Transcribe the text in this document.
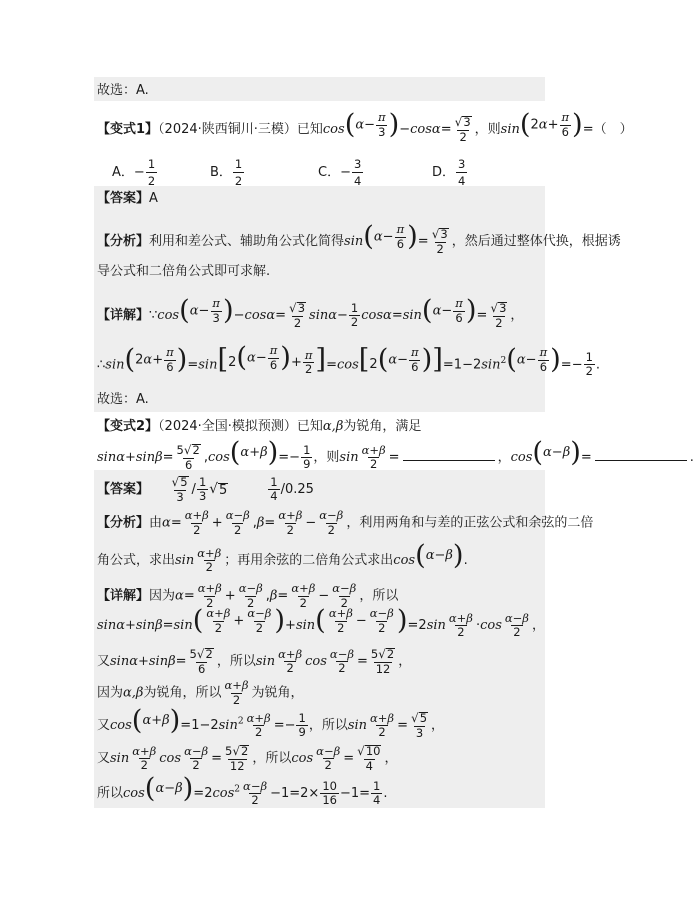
故选：A.
【变式1】（2024·陕西铜川·三模）已知cos ( $\alpha- \frac{\pi}{3}$ ) $-\cos\alpha= \frac{√ 3}{2}$ ，则sin ( $2\alpha+ \frac{\pi}{6}$ ) =（　）
A．− $\frac{1}{2}$	B． $\frac{1}{2}$	C．− $\frac{3}{4}$	D． $\frac{3}{4}$
【答案】A
【分析】利用和差公式、辅助角公式化简得sin ( $\alpha- \frac{\pi}{6}$ ) = $\frac{√ 3}{2}$ ，然后通过整体代换，根据诱
导公式和二倍角公式即可求解.
【详解】∵cos ( $\alpha- \frac{\pi}{3}$ ) $-\cos\alpha= \frac{√ 3}{2} \sin\alpha- \frac{1}{2} \cos\alpha=\sin$ ( $\alpha- \frac{\pi}{6}$ ) = $\frac{√ 3}{2}$ ，
∴sin ( $2\alpha+ \frac{\pi}{6}$ ) =sin [ 2 ( $\alpha- \frac{\pi}{6}$ ) + $\frac{\pi}{2}$ ] =cos [ 2 ( $\alpha- \frac{\pi}{6}$ ) ] $=1-2\sin^2$ ( $\alpha- \frac{\pi}{6}$ ) =− $\frac{1}{2}$ .
故选：A.
【变式2】（2024·全国·模拟预测）已知α,β为锐角，满足
$\sin\alpha+\sin\beta= \frac{5 √ 2}{6} ,\cos$ ( α+β ) =− $\frac{1}{9}$ ，则$\sin \frac{\alpha+\beta}{2}$ =	，cos ( α−β ) =	.
【答案】　　 $\frac{√ 5}{3} / \frac{1}{3}$ √ 5
　　　	$\frac{1}{4} /0.25$
【分析】由$\alpha= \frac{\alpha+\beta}{2} + \frac{\alpha-\beta}{2} ,\beta= \frac{\alpha+\beta}{2} - \frac{\alpha-\beta}{2}$ ，利用两角和与差的正弦公式和余弦的二倍
角公式，求出$\sin \frac{\alpha+\beta}{2}$ ；再用余弦的二倍角公式求出cos ( α−β ) .
【详解】因为$\alpha= \frac{\alpha+\beta}{2} + \frac{\alpha-\beta}{2} ,\beta= \frac{\alpha+\beta}{2} - \frac{\alpha-\beta}{2}$ ，所以
sinα+sinβ=sin ( $\frac{\alpha+\beta}{2} + \frac{\alpha-\beta}{2}$ ) +sin ( $\frac{\alpha+\beta}{2} - \frac{\alpha-\beta}{2}$ ) $=2\sin \frac{\alpha+\beta}{2} \cdot\cos \frac{\alpha-\beta}{2}$ ，
又$\sin\alpha+\sin\beta= \frac{5 √ 2}{6}$ ，所以$\sin \frac{\alpha+\beta}{2}$ $\cos \frac{\alpha-\beta}{2} = \frac{5 √ 2}{12}$ ，
因为α,β为锐角，所以 $\frac{\alpha+\beta}{2}$ 为锐角，
又cos ( α+β ) $=1-2\sin^2 \frac{\alpha+\beta}{2} =- \frac{1}{9}$ ，所以$\sin \frac{\alpha+\beta}{2} = \frac{√ 5}{3}$ ，
又$\sin \frac{\alpha+\beta}{2}$ $\cos \frac{\alpha-\beta}{2} = \frac{5 √ 2}{12}$ ，所以$\cos \frac{\alpha-\beta}{2} = \frac{√ 10}{4}$ ，
所以cos ( α−β ) $=2\cos^2 \frac{\alpha-\beta}{2} -1=2\times \frac{10}{16} -1= \frac{1}{4}$ .
